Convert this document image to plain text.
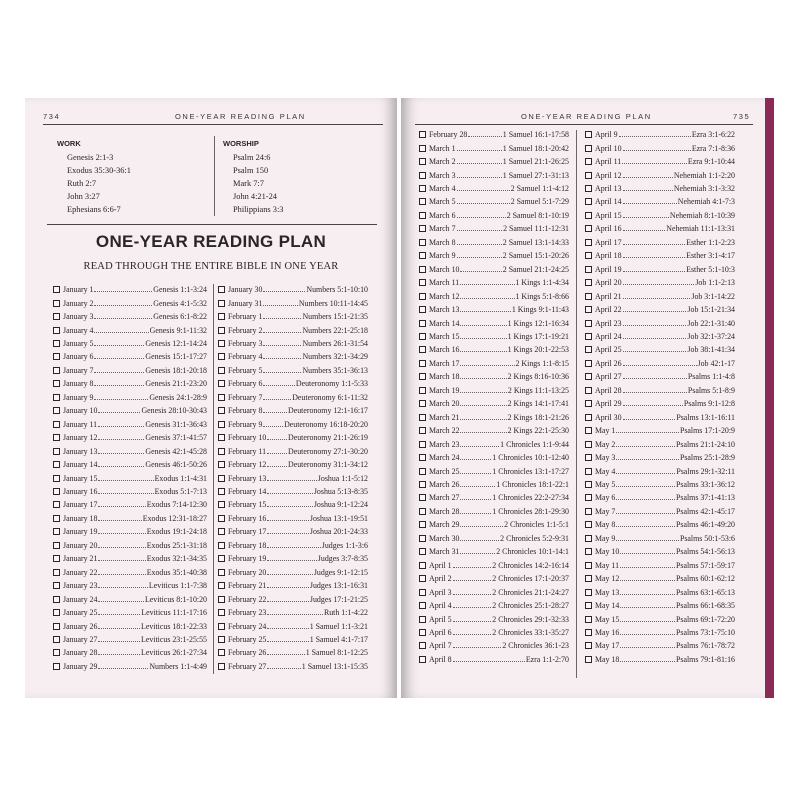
734	ONE-YEAR READING PLAN
WORK
Genesis 2:1-3
Exodus 35:30-36:1
Ruth 2:7
John 3:27
Ephesians 6:6-7
WORSHIP
Psalm 24:6
Psalm 150
Mark 7:7
John 4:21-24
Philippians 3:3
ONE-YEAR READING PLAN
READ THROUGH THE ENTIRE BIBLE IN ONE YEAR
January 1	Genesis 1:1-3:24
January 2	Genesis 4:1-5:32
January 3	Genesis 6:1-8:22
January 4	Genesis 9:1-11:32
January 5	Genesis 12:1-14:24
January 6	Genesis 15:1-17:27
January 7	Genesis 18:1-20:18
January 8	Genesis 21:1-23:20
January 9	Genesis 24:1-28:9
January 10	Genesis 28:10-30:43
January 11	Genesis 31:1-36:43
January 12	Genesis 37:1-41:57
January 13	Genesis 42:1-45:28
January 14	Genesis 46:1-50:26
January 15	Exodus 1:1-4:31
January 16	Exodus 5:1-7:13
January 17	Exodus 7:14-12:30
January 18	Exodus 12:31-18:27
January 19	Exodus 19:1-24:18
January 20	Exodus 25:1-31:18
January 21	Exodus 32:1-34:35
January 22	Exodus 35:1-40:38
January 23	Leviticus 1:1-7:38
January 24	Leviticus 8:1-10:20
January 25	Leviticus 11:1-17:16
January 26	Leviticus 18:1-22:33
January 27	Leviticus 23:1-25:55
January 28	Leviticus 26:1-27:34
January 29	Numbers 1:1-4:49
January 30	Numbers 5:1-10:10
January 31	Numbers 10:11-14:45
February 1	Numbers 15:1-21:35
February 2	Numbers 22:1-25:18
February 3	Numbers 26:1-31:54
February 4	Numbers 32:1-34:29
February 5	Numbers 35:1-36:13
February 6	Deuteronomy 1:1-5:33
February 7	Deuteronomy 6:1-11:32
February 8	Deuteronomy 12:1-16:17
February 9	Deuteronomy 16:18-20:20
February 10	Deuteronomy 21:1-26:19
February 11	Deuteronomy 27:1-30:20
February 12	Deuteronomy 31:1-34:12
February 13	Joshua 1:1-5:12
February 14	Joshua 5:13-8:35
February 15	Joshua 9:1-12:24
February 16	Joshua 13:1-19:51
February 17	Joshua 20:1-24:33
February 18	Judges 1:1-3:6
February 19	Judges 3:7-8:35
February 20	Judges 9:1-12:15
February 21	Judges 13:1-16:31
February 22	Judges 17:1-21:25
February 23	Ruth 1:1-4:22
February 24	1 Samuel 1:1-3:21
February 25	1 Samuel 4:1-7:17
February 26	1 Samuel 8:1-12:25
February 27	1 Samuel 13:1-15:35
ONE-YEAR READING PLAN	735
February 28	1 Samuel 16:1-17:58
March 1	1 Samuel 18:1-20:42
March 2	1 Samuel 21:1-26:25
March 3	1 Samuel 27:1-31:13
March 4	2 Samuel 1:1-4:12
March 5	2 Samuel 5:1-7:29
March 6	2 Samuel 8:1-10:19
March 7	2 Samuel 11:1-12:31
March 8	2 Samuel 13:1-14:33
March 9	2 Samuel 15:1-20:26
March 10	2 Samuel 21:1-24:25
March 11	1 Kings 1:1-4:34
March 12	1 Kings 5:1-8:66
March 13	1 Kings 9:1-11:43
March 14	1 Kings 12:1-16:34
March 15	1 Kings 17:1-19:21
March 16	1 Kings 20:1-22:53
March 17	2 Kings 1:1-8:15
March 18	2 Kings 8:16-10:36
March 19	2 Kings 11:1-13:25
March 20	2 Kings 14:1-17:41
March 21	2 Kings 18:1-21:26
March 22	2 Kings 22:1-25:30
March 23	1 Chronicles 1:1-9:44
March 24	1 Chronicles 10:1-12:40
March 25	1 Chronicles 13:1-17:27
March 26	1 Chronicles 18:1-22:1
March 27	1 Chronicles 22:2-27:34
March 28	1 Chronicles 28:1-29:30
March 29	2 Chronicles 1:1-5:1
March 30	2 Chronicles 5:2-9:31
March 31	2 Chronicles 10:1-14:1
April 1	2 Chronicles 14:2-16:14
April 2	2 Chronicles 17:1-20:37
April 3	2 Chronicles 21:1-24:27
April 4	2 Chronicles 25:1-28:27
April 5	2 Chronicles 29:1-32:33
April 6	2 Chronicles 33:1-35:27
April 7	2 Chronicles 36:1-23
April 8	Ezra 1:1-2:70
April 9	Ezra 3:1-6:22
April 10	Ezra 7:1-8:36
April 11	Ezra 9:1-10:44
April 12	Nehemiah 1:1-2:20
April 13	Nehemiah 3:1-3:32
April 14	Nehemiah 4:1-7:3
April 15	Nehemiah 8:1-10:39
April 16	Nehemiah 11:1-13:31
April 17	Esther 1:1-2:23
April 18	Esther 3:1-4:17
April 19	Esther 5:1-10:3
April 20	Job 1:1-2:13
April 21	Job 3:1-14:22
April 22	Job 15:1-21:34
April 23	Job 22:1-31:40
April 24	Job 32:1-37:24
April 25	Job 38:1-41:34
April 26	Job 42:1-17
April 27	Psalms 1:1-4:8
April 28	Psalms 5:1-8:9
April 29	Psalms 9:1-12:8
April 30	Psalms 13:1-16:11
May 1	Psalms 17:1-20:9
May 2	Psalms 21:1-24:10
May 3	Psalms 25:1-28:9
May 4	Psalms 29:1-32:11
May 5	Psalms 33:1-36:12
May 6	Psalms 37:1-41:13
May 7	Psalms 42:1-45:17
May 8	Psalms 46:1-49:20
May 9	Psalms 50:1-53:6
May 10	Psalms 54:1-56:13
May 11	Psalms 57:1-59:17
May 12	Psalms 60:1-62:12
May 13	Psalms 63:1-65:13
May 14	Psalms 66:1-68:35
May 15	Psalms 69:1-72:20
May 16	Psalms 73:1-75:10
May 17	Psalms 76:1-78:72
May 18	Psalms 79:1-81:16
